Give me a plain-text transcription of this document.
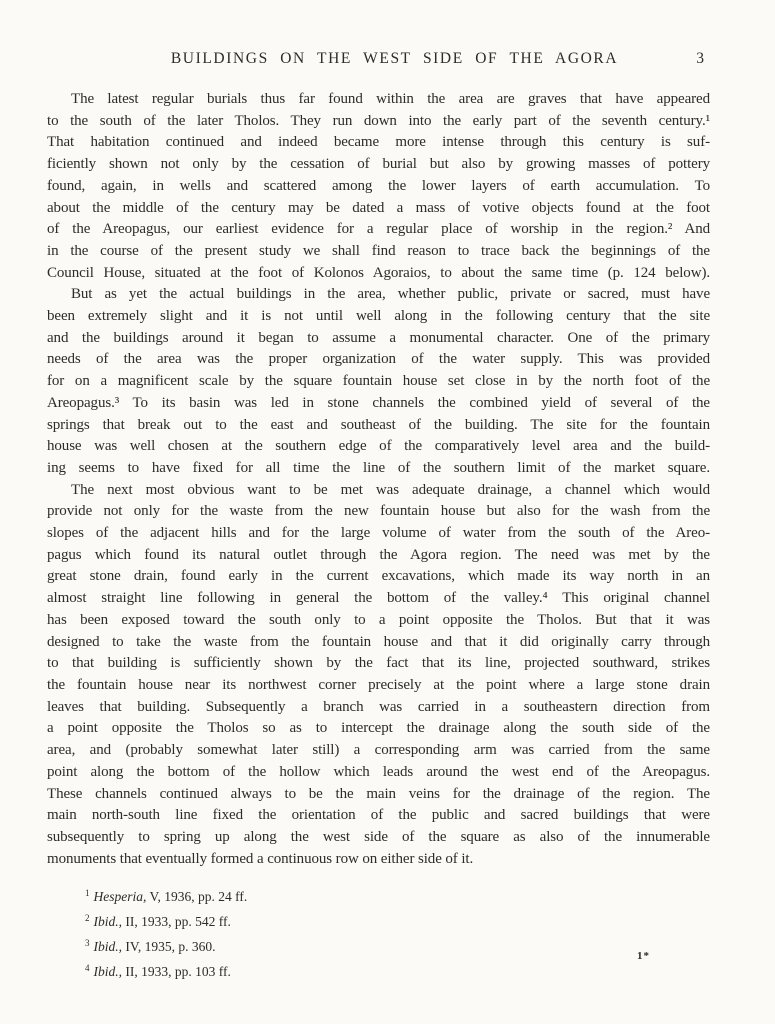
BUILDINGS ON THE WEST SIDE OF THE AGORA	3
The latest regular burials thus far found within the area are graves that have appeared
to the south of the later Tholos. They run down into the early part of the seventh century.¹
That habitation continued and indeed became more intense through this century is suf-
ficiently shown not only by the cessation of burial but also by growing masses of pottery
found, again, in wells and scattered among the lower layers of earth accumulation. To
about the middle of the century may be dated a mass of votive objects found at the foot
of the Areopagus, our earliest evidence for a regular place of worship in the region.² And
in the course of the present study we shall find reason to trace back the beginnings of the
Council House, situated at the foot of Kolonos Agoraios, to about the same time (p. 124 below).
But as yet the actual buildings in the area, whether public, private or sacred, must have
been extremely slight and it is not until well along in the following century that the site
and the buildings around it began to assume a monumental character. One of the primary
needs of the area was the proper organization of the water supply. This was provided
for on a magnificent scale by the square fountain house set close in by the north foot of the
Areopagus.³ To its basin was led in stone channels the combined yield of several of the
springs that break out to the east and southeast of the building. The site for the fountain
house was well chosen at the southern edge of the comparatively level area and the build-
ing seems to have fixed for all time the line of the southern limit of the market square.
The next most obvious want to be met was adequate drainage, a channel which would
provide not only for the waste from the new fountain house but also for the wash from the
slopes of the adjacent hills and for the large volume of water from the south of the Areo-
pagus which found its natural outlet through the Agora region. The need was met by the
great stone drain, found early in the current excavations, which made its way north in an
almost straight line following in general the bottom of the valley.⁴ This original channel
has been exposed toward the south only to a point opposite the Tholos. But that it was
designed to take the waste from the fountain house and that it did originally carry through
to that building is sufficiently shown by the fact that its line, projected southward, strikes
the fountain house near its northwest corner precisely at the point where a large stone drain
leaves that building. Subsequently a branch was carried in a southeastern direction from
a point opposite the Tholos so as to intercept the drainage along the south side of the
area, and (probably somewhat later still) a corresponding arm was carried from the same
point along the bottom of the hollow which leads around the west end of the Areopagus.
These channels continued always to be the main veins for the drainage of the region. The
main north-south line fixed the orientation of the public and sacred buildings that were
subsequently to spring up along the west side of the square as also of the innumerable
monuments that eventually formed a continuous row on either side of it.
$^1$ Hesperia, V, 1936, pp. 24 ff.
$^2$ Ibid., II, 1933, pp. 542 ff.
$^3$ Ibid., IV, 1935, p. 360.
$^4$ Ibid., II, 1933, pp. 103 ff.
1*
